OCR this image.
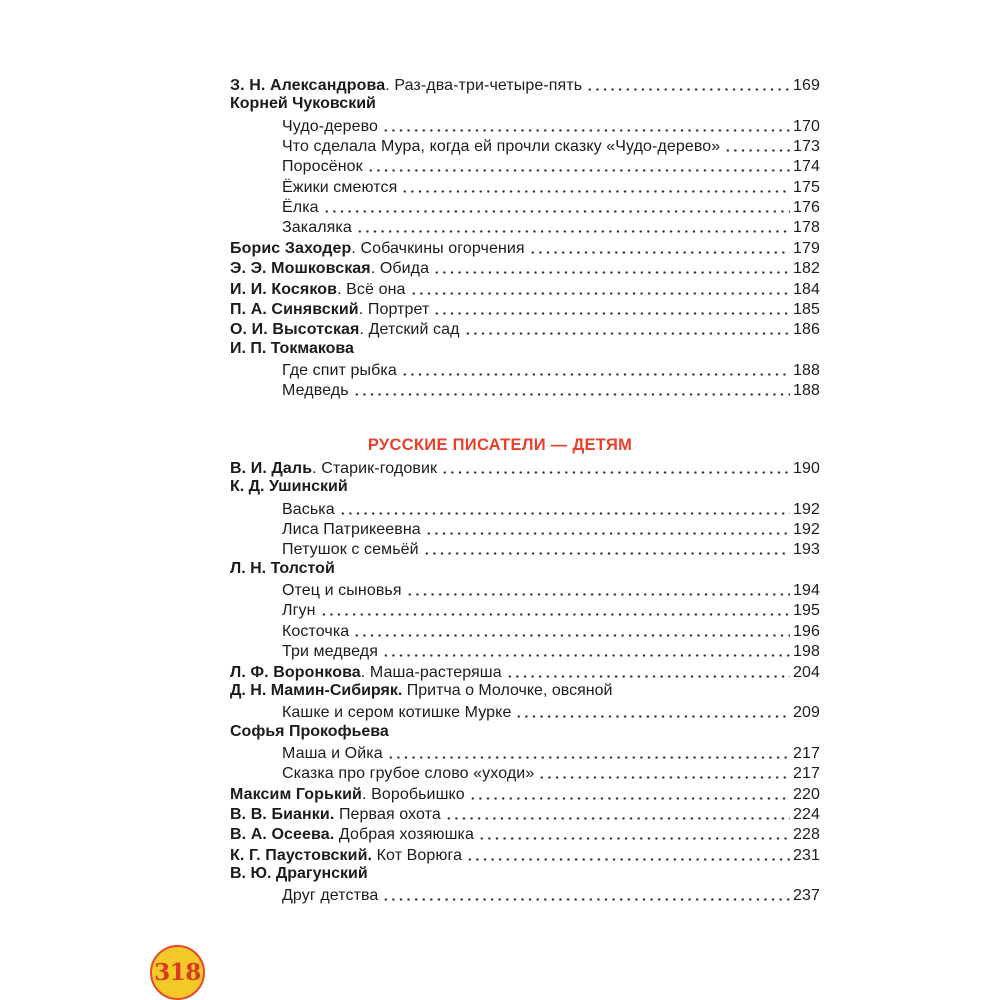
З. Н. Александрова . Раз-два-три-четыре-пять	169
Корней Чуковский
Чудо-дерево	170
Что сделала Мура, когда ей прочли сказку «Чудо-дерево»	173
Поросёнок	174
Ёжики смеются	175
Ёлка	176
Закаляка	178
Борис Заходер . Собачкины огорчения	179
Э. Э. Мошковская . Обида	182
И. И. Косяков . Всё она	184
П. А. Синявский . Портрет	185
О. И. Высотская . Детский сад	186
И. П. Токмакова
Где спит рыбка	188
Медведь	188
РУССКИЕ ПИСАТЕЛИ — ДЕТЯМ
В. И. Даль . Старик-годовик	190
К. Д. Ушинский
Васька	192
Лиса Патрикеевна	192
Петушок с семьёй	193
Л. Н. Толстой
Отец и сыновья	194
Лгун	195
Косточка	196
Три медведя	198
Л. Ф. Воронкова . Маша-растеряша	204
Д. Н. Мамин-Сибиряк. Притча о Молочке, овсяной
Кашке и сером котишке Мурке	209
Софья Прокофьева
Маша и Ойка	217
Сказка про грубое слово «уходи»	217
Максим Горький . Воробьишко	220
В. В. Бианки.
Первая охота	224
В. А. Осеева.
Добрая хозяюшка	228
К. Г. Паустовский.
Кот Ворюга	231
В. Ю. Драгунский
Друг детства	237
318
